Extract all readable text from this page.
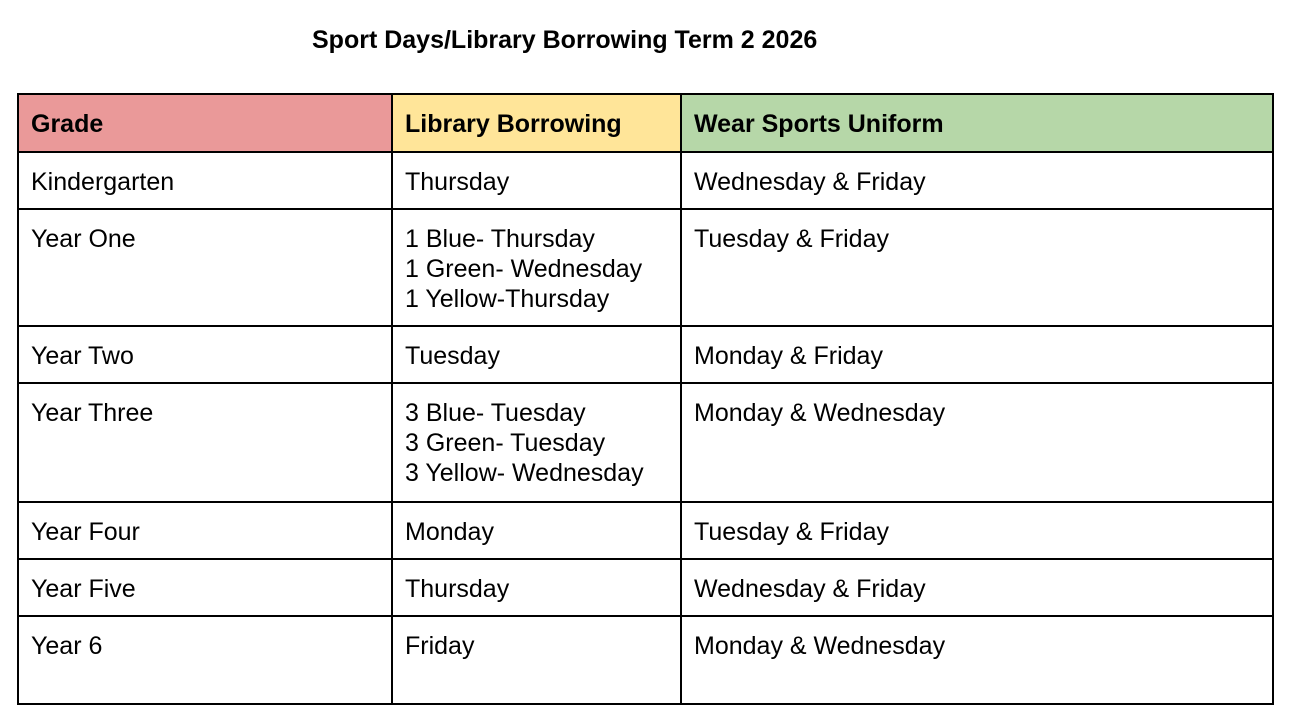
Sport Days/Library Borrowing Term 2 2026
Grade	Library Borrowing	Wear Sports Uniform
Kindergarten	Thursday	Wednesday & Friday
Year One	1 Blue- Thursday
1 Green- Wednesday
1 Yellow-Thursday	Tuesday & Friday
Year Two	Tuesday	Monday & Friday
Year Three	3 Blue- Tuesday
3 Green- Tuesday
3 Yellow- Wednesday	Monday & Wednesday
Year Four	Monday	Tuesday & Friday
Year Five	Thursday	Wednesday & Friday
Year 6	Friday	Monday & Wednesday
